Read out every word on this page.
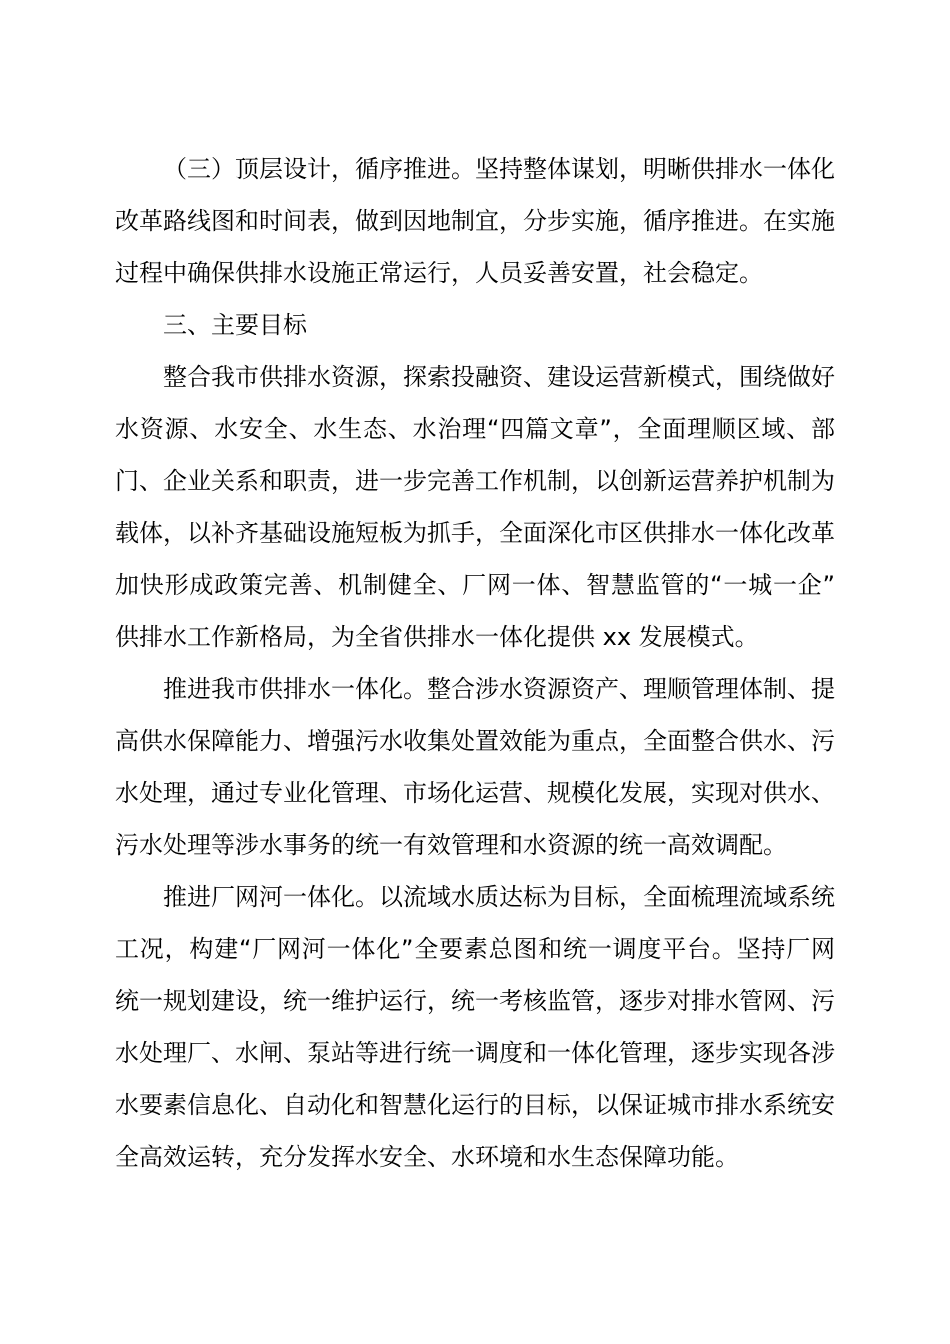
（三）顶层设计，循序推进。坚持整体谋划，明晰供排水一体化
改革路线图和时间表，做到因地制宜，分步实施，循序推进。在实施
过程中确保供排水设施正常运行，人员妥善安置，社会稳定。

三、主要目标

整合我市供排水资源，探索投融资、建设运营新模式，围绕做好
水资源、水安全、水生态、水治理“四篇文章”，全面理顺区域、部
门、企业关系和职责，进一步完善工作机制，以创新运营养护机制为
载体，以补齐基础设施短板为抓手，全面深化市区供排水一体化改革
加快形成政策完善、机制健全、厂网一体、智慧监管的“一城一企”
供排水工作新格局，为全省供排水一体化提供 xx 发展模式。

推进我市供排水一体化。整合涉水资源资产、理顺管理体制、提
高供水保障能力、增强污水收集处置效能为重点，全面整合供水、污
水处理，通过专业化管理、市场化运营、规模化发展，实现对供水、
污水处理等涉水事务的统一有效管理和水资源的统一高效调配。

推进厂网河一体化。以流域水质达标为目标，全面梳理流域系统
工况，构建“厂网河一体化”全要素总图和统一调度平台。坚持厂网
统一规划建设，统一维护运行，统一考核监管，逐步对排水管网、污
水处理厂、水闸、泵站等进行统一调度和一体化管理，逐步实现各涉
水要素信息化、自动化和智慧化运行的目标，以保证城市排水系统安
全高效运转，充分发挥水安全、水环境和水生态保障功能。
